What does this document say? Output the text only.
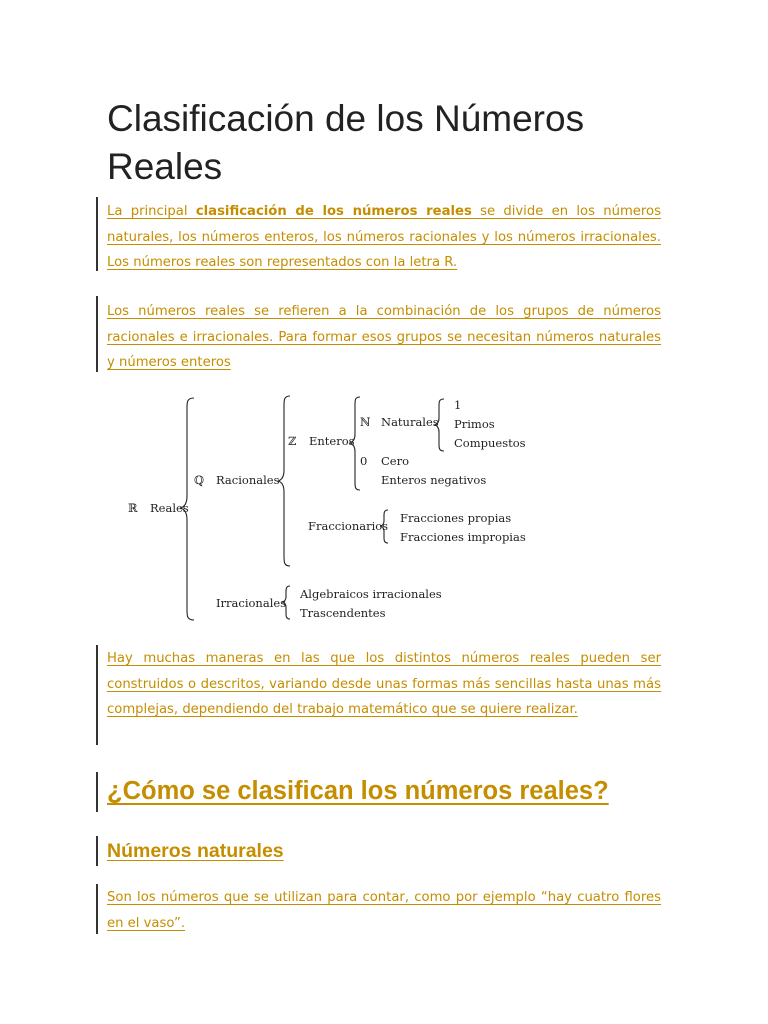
Clasificación de los Números Reales

La principal clasificación de los números reales se divide en los números naturales, los números enteros, los números racionales y los números irracionales. Los números reales son representados con la letra R.

Los números reales se refieren a la combinación de los grupos de números racionales e irracionales. Para formar esos grupos se necesitan números naturales y números enteros

ℝ Reales
ℚ Racionales
ℤ Enteros
ℕ Naturales
1
Primos
Compuestos
0 Cero
Enteros negativos
Fraccionarios
Fracciones propias
Fracciones impropias
Irracionales
Algebraicos irracionales
Trascendentes

Hay muchas maneras en las que los distintos números reales pueden ser construidos o descritos, variando desde unas formas más sencillas hasta unas más complejas, dependiendo del trabajo matemático que se quiere realizar.

¿Cómo se clasifican los números reales?
Números naturales

Son los números que se utilizan para contar, como por ejemplo “hay cuatro flores en el vaso”.
